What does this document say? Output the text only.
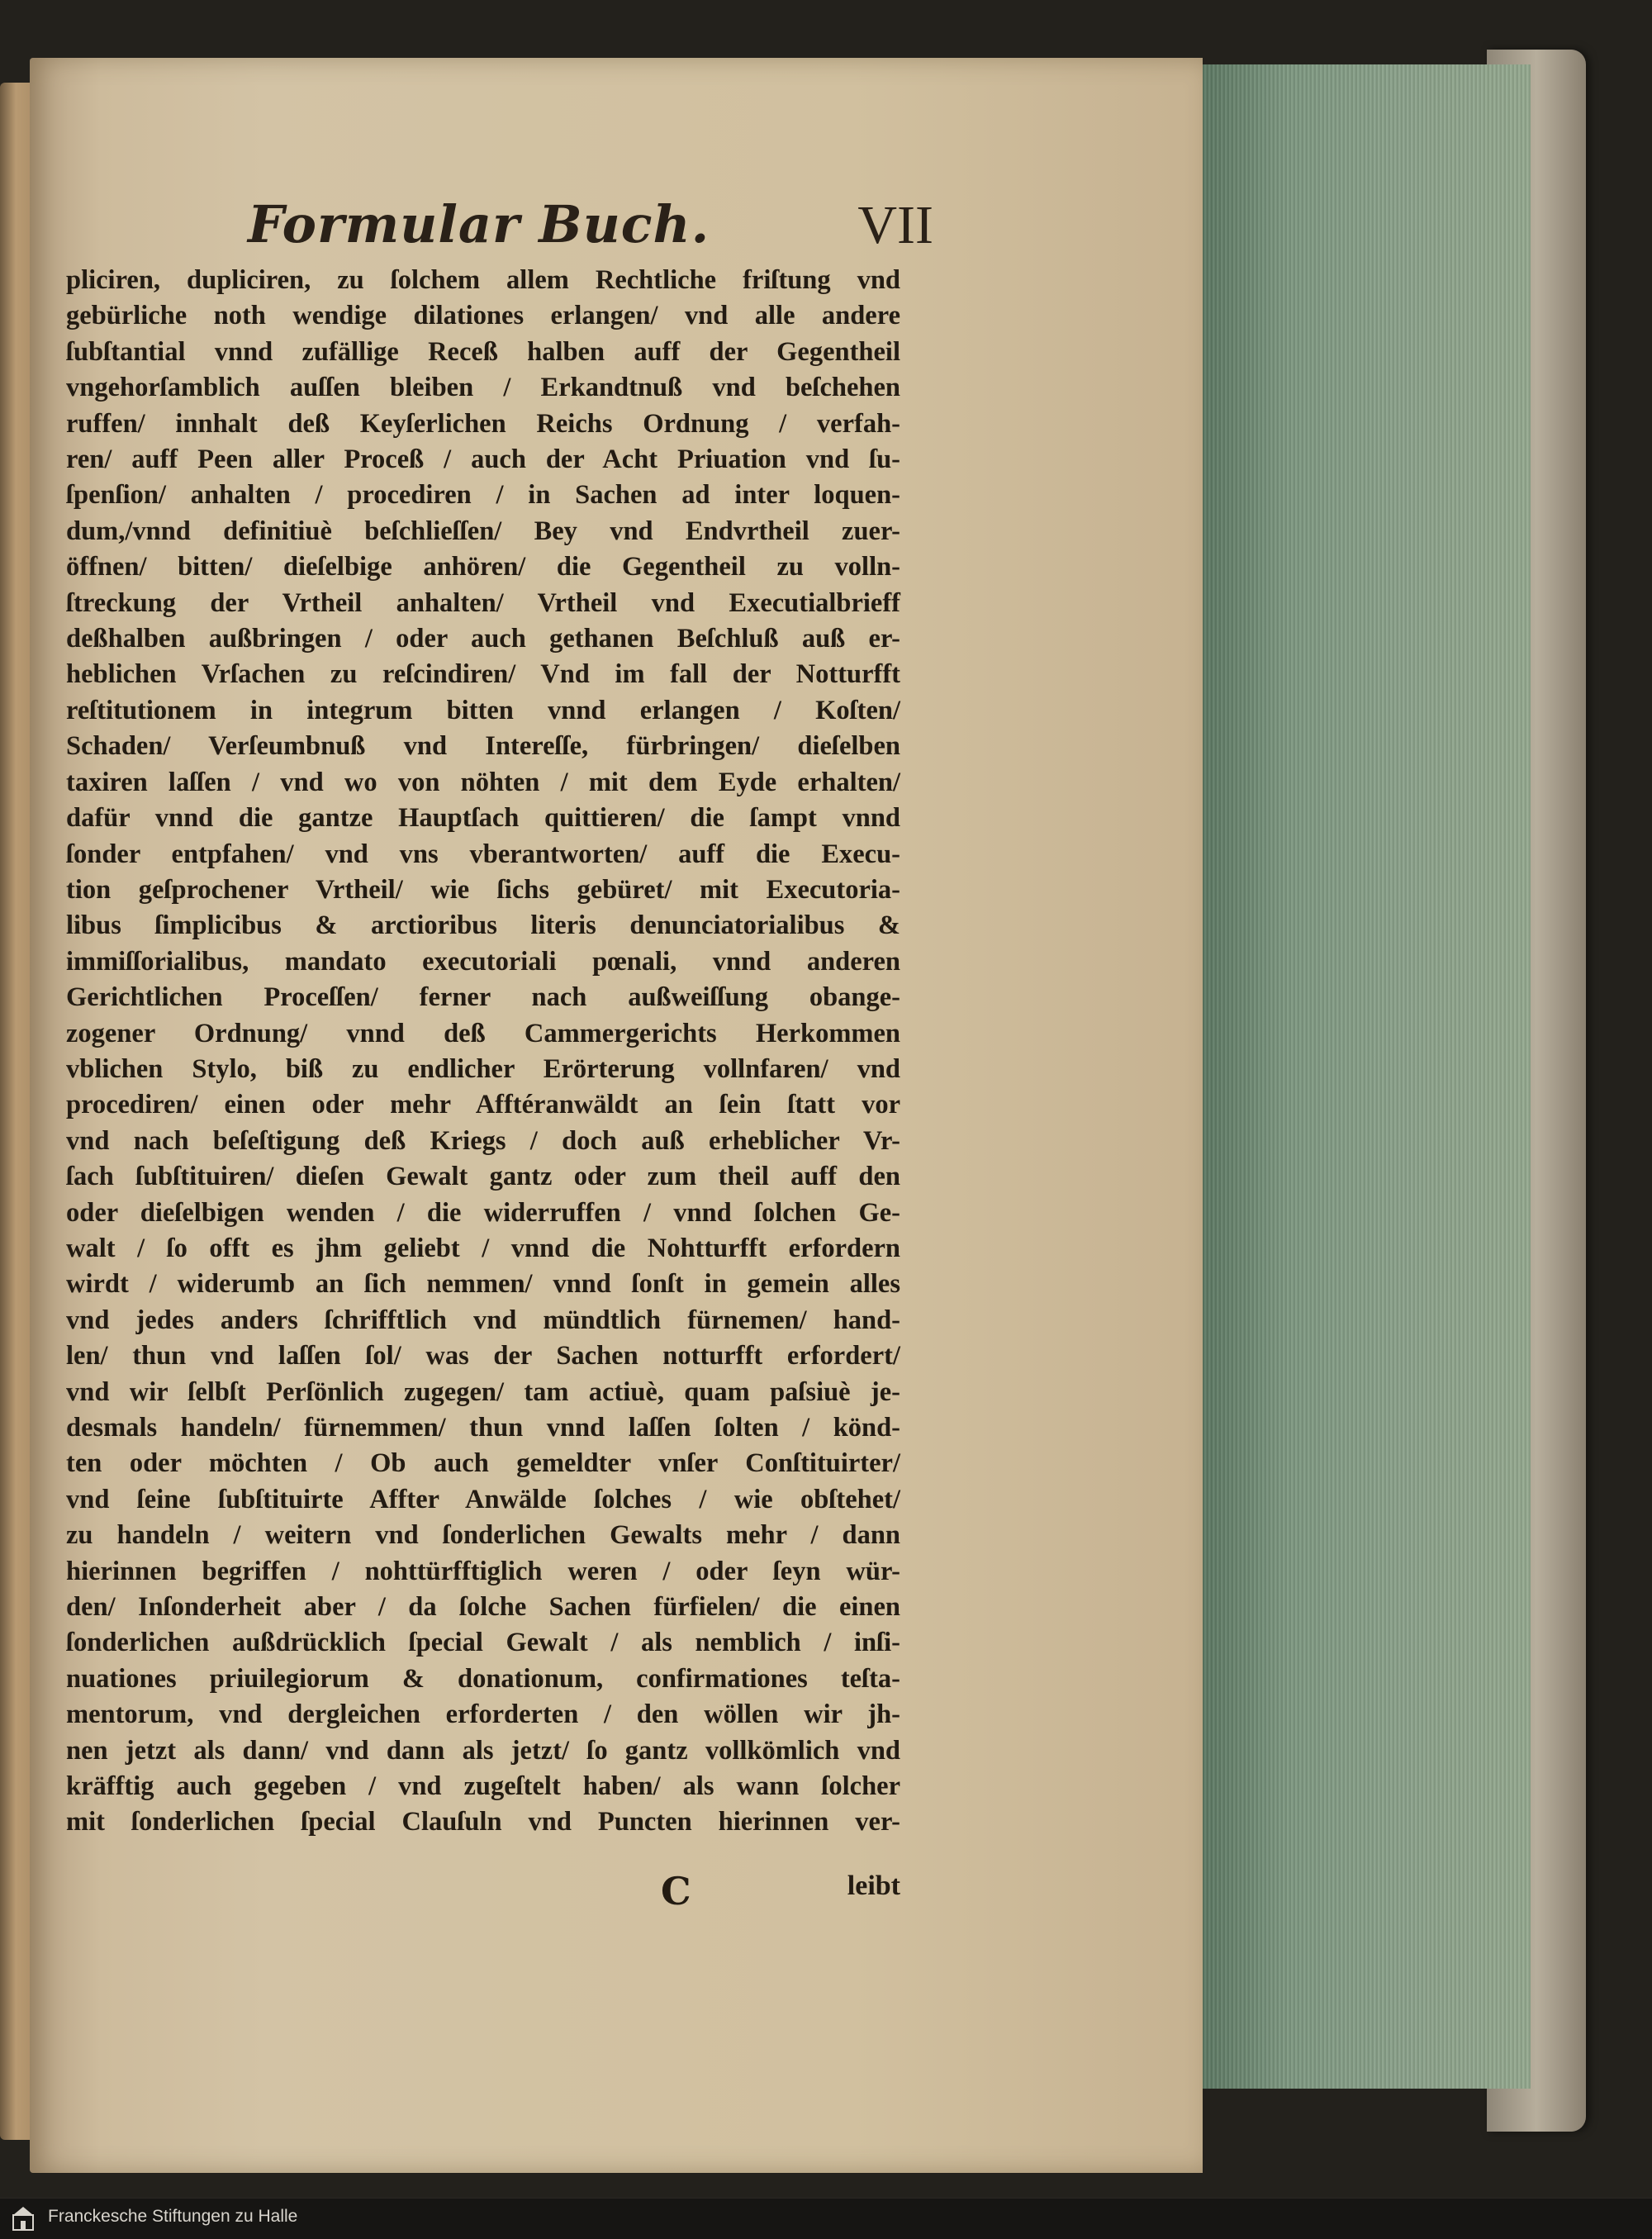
Formular Buch.	VII
pliciren, dupliciren, zu ſolchem allem Rechtliche friſtung vnd
gebürliche noth wendige dilationes erlangen/ vnd alle andere
ſubſtantial vnnd zufällige Receß halben auff der Gegentheil
vngehorſamblich auſſen bleiben / Erkandtnuß vnd beſchehen
ruffen/ innhalt deß Keyſerlichen Reichs Ordnung / verfah-
ren/ auff Peen aller Proceß / auch der Acht Priuation vnd ſu-
ſpenſion/ anhalten / procediren / in Sachen ad inter loquen-
dum,/vnnd definitiuè beſchlieſſen/ Bey vnd Endvrtheil zuer-
öffnen/ bitten/ dieſelbige anhören/ die Gegentheil zu volln-
ſtreckung der Vrtheil anhalten/ Vrtheil vnd Executialbrieff
deßhalben außbringen / oder auch gethanen Beſchluß auß er-
heblichen Vrſachen zu reſcindiren/ Vnd im fall der Notturfft
reſtitutionem in integrum bitten vnnd erlangen / Koſten/
Schaden/ Verſeumbnuß vnd Intereſſe, fürbringen/ dieſelben
taxiren laſſen / vnd wo von nöhten / mit dem Eyde erhalten/
dafür vnnd die gantze Hauptſach quittieren/ die ſampt vnnd
ſonder entpfahen/ vnd vns vberantworten/ auff die Execu-
tion geſprochener Vrtheil/ wie ſichs gebüret/ mit Executoria-
libus ſimplicibus & arctioribus literis denunciatorialibus &
immiſſorialibus, mandato executoriali pœnali, vnnd anderen
Gerichtlichen Proceſſen/ ferner nach außweiſſung obange-
zogener Ordnung/ vnnd deß Cammergerichts Herkommen
vblichen Stylo, biß zu endlicher Erörterung vollnfaren/ vnd
procediren/ einen oder mehr Afftéranwäldt an ſein ſtatt vor
vnd nach beſeſtigung deß Kriegs / doch auß erheblicher Vr-
ſach ſubſtituiren/ dieſen Gewalt gantz oder zum theil auff den
oder dieſelbigen wenden / die widerruffen / vnnd ſolchen Ge-
walt / ſo offt es jhm geliebt / vnnd die Nohtturfft erfordern
wirdt / widerumb an ſich nemmen/ vnnd ſonſt in gemein alles
vnd jedes anders ſchrifftlich vnd mündtlich fürnemen/ hand-
len/ thun vnd laſſen ſol/ was der Sachen notturfft erfordert/
vnd wir ſelbſt Perſönlich zugegen/ tam actiuè, quam paſsiuè je-
desmals handeln/ fürnemmen/ thun vnnd laſſen ſolten / könd-
ten oder möchten / Ob auch gemeldter vnſer Conſtituirter/
vnd ſeine ſubſtituirte Affter Anwälde ſolches / wie obſtehet/
zu handeln / weitern vnd ſonderlichen Gewalts mehr / dann
hierinnen begriffen / nohttürfftiglich weren / oder ſeyn wür-
den/ Inſonderheit aber / da ſolche Sachen fürfielen/ die einen
ſonderlichen außdrücklich ſpecial Gewalt / als nemblich / inſi-
nuationes priuilegiorum & donationum, confirmationes teſta-
mentorum, vnd dergleichen erforderten / den wöllen wir jh-
nen jetzt als dann/ vnd dann als jetzt/ ſo gantz vollkömlich vnd
kräfftig auch gegeben / vnd zugeſtelt haben/ als wann ſolcher
mit ſonderlichen ſpecial Clauſuln vnd Puncten hierinnen ver-
C	leibt
Franckesche Stiftungen zu Halle
